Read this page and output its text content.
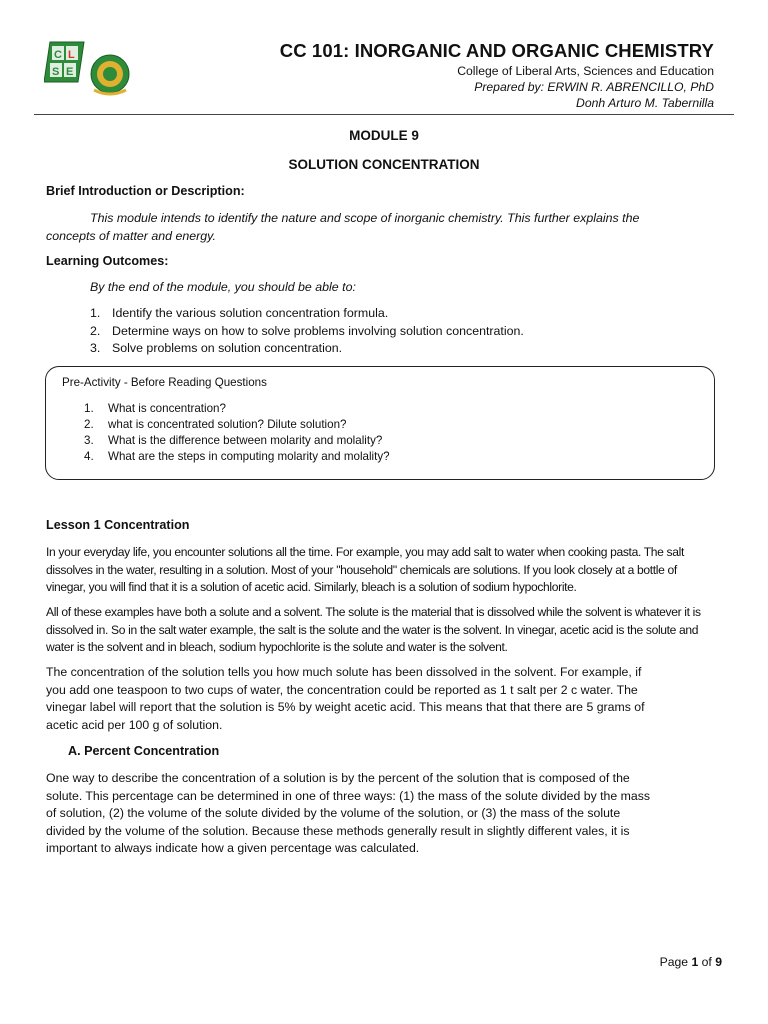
C L
S E
CC 101: INORGANIC AND ORGANIC CHEMISTRY
College of Liberal Arts, Sciences and Education
Prepared by: ERWIN R. ABRENCILLO, PhD
Donh Arturo M. Tabernilla
MODULE 9
SOLUTION CONCENTRATION
Brief Introduction or Description:
This module intends to identify the nature and scope of inorganic chemistry. This further explains the
concepts of matter and energy.
Learning Outcomes:
By the end of the module, you should be able to:
1. Identify the various solution concentration formula.
2. Determine ways on how to solve problems involving solution concentration.
3. Solve problems on solution concentration.
Pre-Activity - Before Reading Questions
1. What is concentration?
2. what is concentrated solution? Dilute solution?
3. What is the difference between molarity and molality?
4. What are the steps in computing molarity and molality?
Lesson 1 Concentration
In your everyday life, you encounter solutions all the time. For example, you may add salt to water when cooking pasta. The salt
dissolves in the water, resulting in a solution. Most of your "household" chemicals are solutions. If you look closely at a bottle of
vinegar, you will find that it is a solution of acetic acid. Similarly, bleach is a solution of sodium hypochlorite.
All of these examples have both a solute and a solvent. The solute is the material that is dissolved while the solvent is whatever it is
dissolved in. So in the salt water example, the salt is the solute and the water is the solvent. In vinegar, acetic acid is the solute and
water is the solvent and in bleach, sodium hypochlorite is the solute and water is the solvent.
The concentration of the solution tells you how much solute has been dissolved in the solvent. For example, if
you add one teaspoon to two cups of water, the concentration could be reported as 1 t salt per 2 c water. The
vinegar label will report that the solution is 5% by weight acetic acid. This means that that there are 5 grams of
acetic acid per 100 g of solution.
A. Percent Concentration
One way to describe the concentration of a solution is by the percent of the solution that is composed of the
solute. This percentage can be determined in one of three ways: (1) the mass of the solute divided by the mass
of solution, (2) the volume of the solute divided by the volume of the solution, or (3) the mass of the solute
divided by the volume of the solution. Because these methods generally result in slightly different vales, it is
important to always indicate how a given percentage was calculated.
Page 1 of 9
